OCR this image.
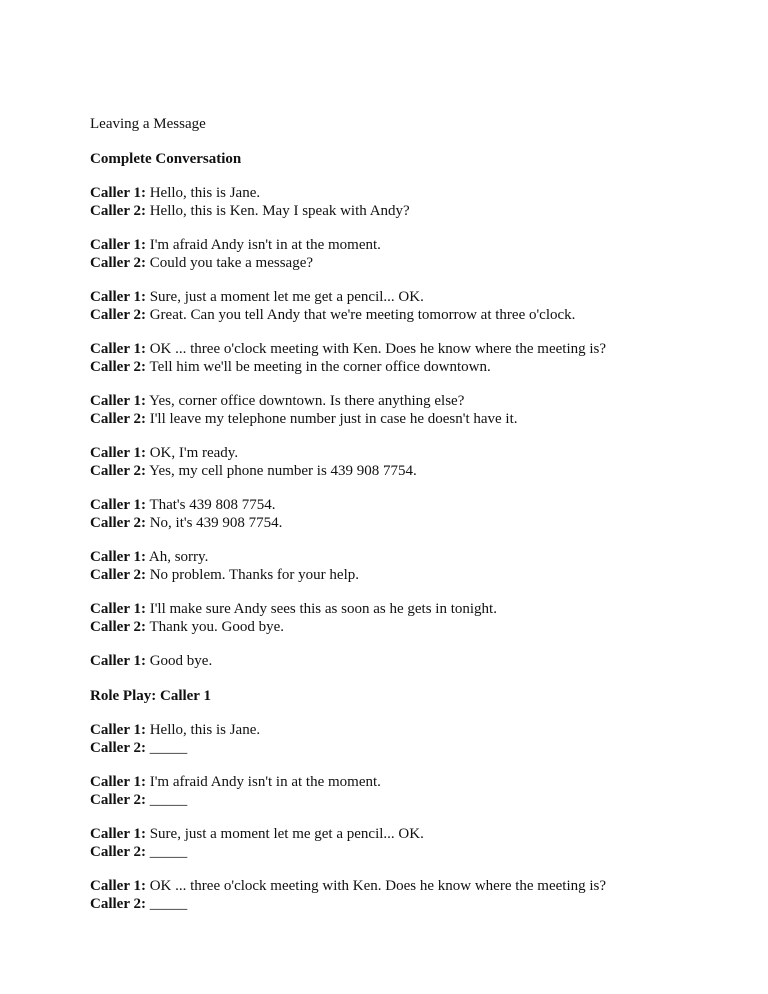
Leaving a Message

Complete Conversation

Caller 1: Hello, this is Jane.
Caller 2: Hello, this is Ken. May I speak with Andy?

Caller 1: I'm afraid Andy isn't in at the moment.
Caller 2: Could you take a message?

Caller 1: Sure, just a moment let me get a pencil... OK.
Caller 2: Great. Can you tell Andy that we're meeting tomorrow at three o'clock.

Caller 1: OK ... three o'clock meeting with Ken. Does he know where the meeting is?
Caller 2: Tell him we'll be meeting in the corner office downtown.

Caller 1: Yes, corner office downtown. Is there anything else?
Caller 2: I'll leave my telephone number just in case he doesn't have it.

Caller 1: OK, I'm ready.
Caller 2: Yes, my cell phone number is 439 908 7754.

Caller 1: That's 439 808 7754.
Caller 2: No, it's 439 908 7754.

Caller 1: Ah, sorry.
Caller 2: No problem. Thanks for your help.

Caller 1: I'll make sure Andy sees this as soon as he gets in tonight.
Caller 2: Thank you. Good bye.

Caller 1: Good bye.

Role Play: Caller 1

Caller 1: Hello, this is Jane.
Caller 2: _____

Caller 1: I'm afraid Andy isn't in at the moment.
Caller 2: _____

Caller 1: Sure, just a moment let me get a pencil... OK.
Caller 2: _____

Caller 1: OK ... three o'clock meeting with Ken. Does he know where the meeting is?
Caller 2: _____
